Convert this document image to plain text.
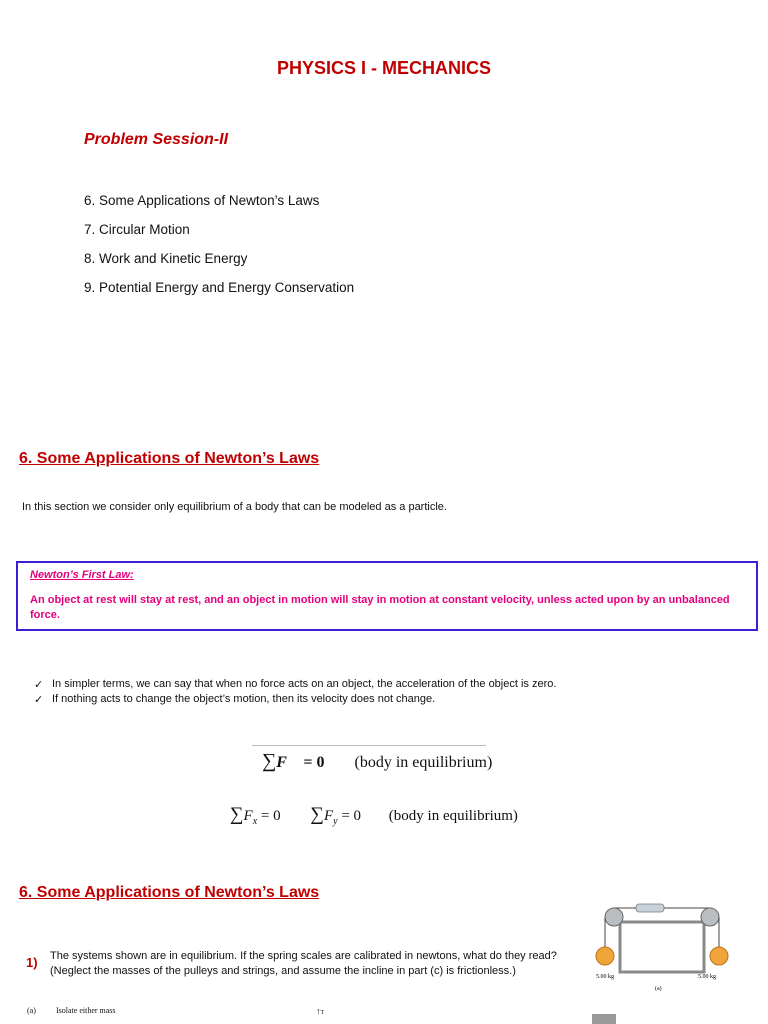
PHYSICS I - MECHANICS
Problem Session-II
6. Some Applications of Newton’s Laws
7. Circular Motion
8. Work and Kinetic Energy
9. Potential Energy and Energy Conservation
6. Some Applications of Newton’s Laws
In this section we consider only equilibrium of a body that can be modeled as a particle.
Newton’s First Law:
An object at rest will stay at rest, and an object in motion will stay in motion at constant velocity, unless acted upon by an unbalanced force.
✓ In simpler terms, we can say that when no force acts on an object, the acceleration of the object is zero.
✓ If nothing acts to change the object’s motion, then its velocity does not change.
∑F⃗ = 0 (body in equilibrium)
$\sum F_x = 0$ $\sum F_y = 0$ (body in equilibrium)
6. Some Applications of Newton’s Laws
1) The systems shown are in equilibrium. If the spring scales are calibrated in newtons, what do they read?
(Neglect the masses of the pulleys and strings, and assume the incline in part (c) is frictionless.)
(a)	Isolate either mass	↑T
5.00 kg	5.00 kg
(a)
